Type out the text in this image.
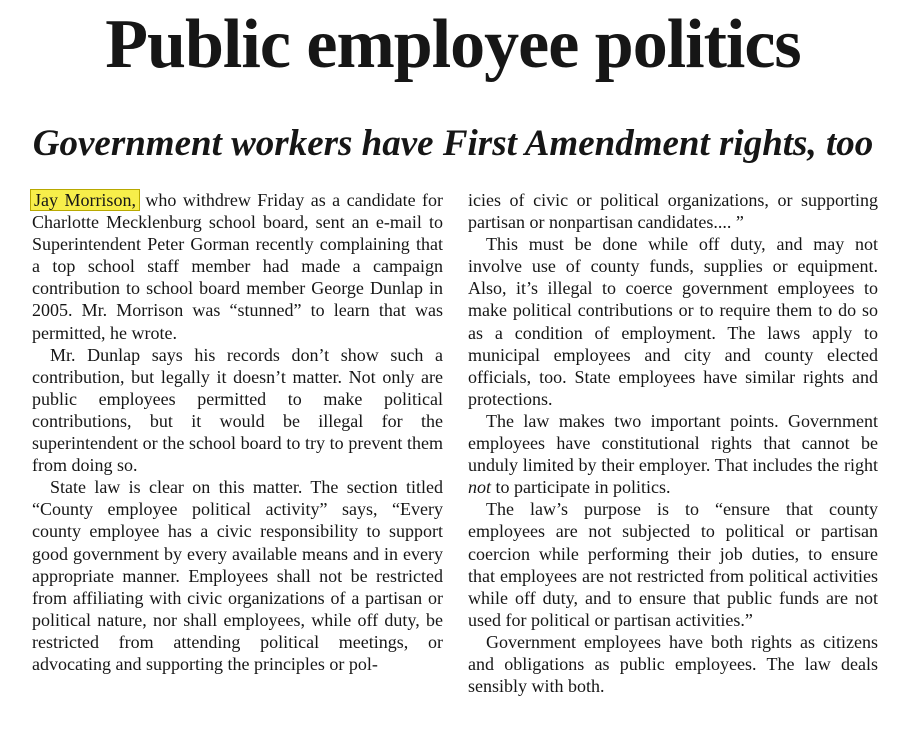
Public employee politics
Government workers have First Amendment rights, too

Jay Morrison, who withdrew Friday as a candidate for Charlotte Mecklenburg school board, sent an e-mail to Superintendent Peter Gorman recently complaining that a top school staff member had made a campaign contribution to school board member George Dunlap in 2005. Mr. Morrison was “stunned” to learn that was permitted, he wrote.

Mr. Dunlap says his records don’t show such a contribution, but legally it doesn’t matter. Not only are public employees permitted to make political contributions, but it would be illegal for the superintendent or the school board to try to prevent them from doing so.

State law is clear on this matter. The section titled “County employee political activity” says, “Every county employee has a civic responsibility to support good government by every available means and in every appropriate manner. Employees shall not be restricted from affiliating with civic organizations of a partisan or political nature, nor shall employees, while off duty, be restricted from attending political meetings, or advocating and supporting the principles or pol-

icies of civic or political organizations, or supporting partisan or nonpartisan candidates.... ”

This must be done while off duty, and may not involve use of county funds, supplies or equipment. Also, it’s illegal to coerce government employees to make political contributions or to require them to do so as a condition of employment. The laws apply to municipal employees and city and county elected officials, too. State employees have similar rights and protections.

The law makes two important points. Government employees have constitutional rights that cannot be unduly limited by their employer. That includes the right not to participate in politics.

The law’s purpose is to “ensure that county employees are not subjected to political or partisan coercion while performing their job duties, to ensure that employees are not restricted from political activities while off duty, and to ensure that public funds are not used for political or partisan activities.”

Government employees have both rights as citizens and obligations as public employees. The law deals sensibly with both.
